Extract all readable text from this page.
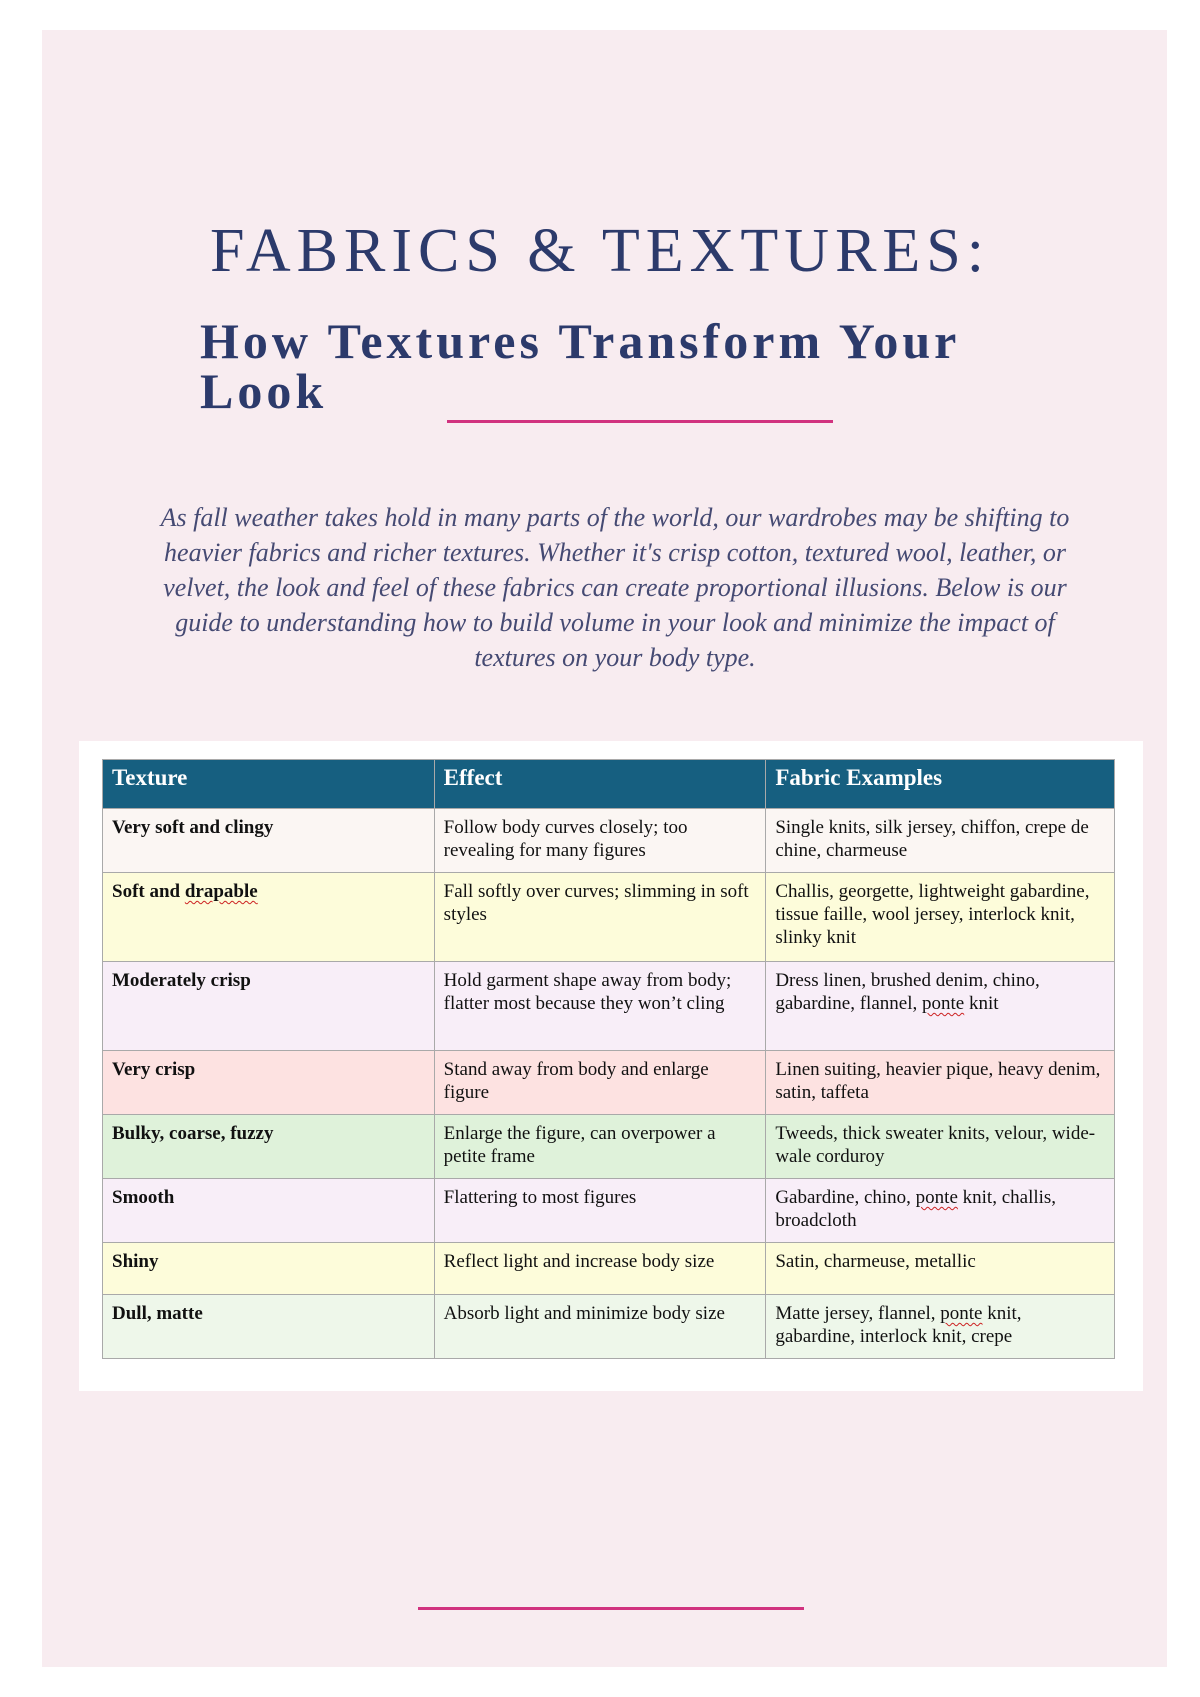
FABRICS & TEXTURES:
How Textures Transform Your Look

As fall weather takes hold in many parts of the world, our wardrobes may be shifting to heavier fabrics and richer textures. Whether it's crisp cotton, textured wool, leather, or velvet, the look and feel of these fabrics can create proportional illusions. Below is our guide to understanding how to build volume in your look and minimize the impact of textures on your body type.

Texture	Effect	Fabric Examples
Very soft and clingy	Follow body curves closely; too revealing for many figures	Single knits, silk jersey, chiffon, crepe de chine, charmeuse
Soft and drapable	Fall softly over curves; slimming in soft styles	Challis, georgette, lightweight gabardine, tissue faille, wool jersey, interlock knit, slinky knit
Moderately crisp	Hold garment shape away from body; flatter most because they won’t cling	Dress linen, brushed denim, chino, gabardine, flannel, ponte knit
Very crisp	Stand away from body and enlarge figure	Linen suiting, heavier pique, heavy denim, satin, taffeta
Bulky, coarse, fuzzy	Enlarge the figure, can overpower a petite frame	Tweeds, thick sweater knits, velour, wide-wale corduroy
Smooth	Flattering to most figures	Gabardine, chino, ponte knit, challis, broadcloth
Shiny	Reflect light and increase body size	Satin, charmeuse, metallic
Dull, matte	Absorb light and minimize body size	Matte jersey, flannel, ponte knit, gabardine, interlock knit, crepe
